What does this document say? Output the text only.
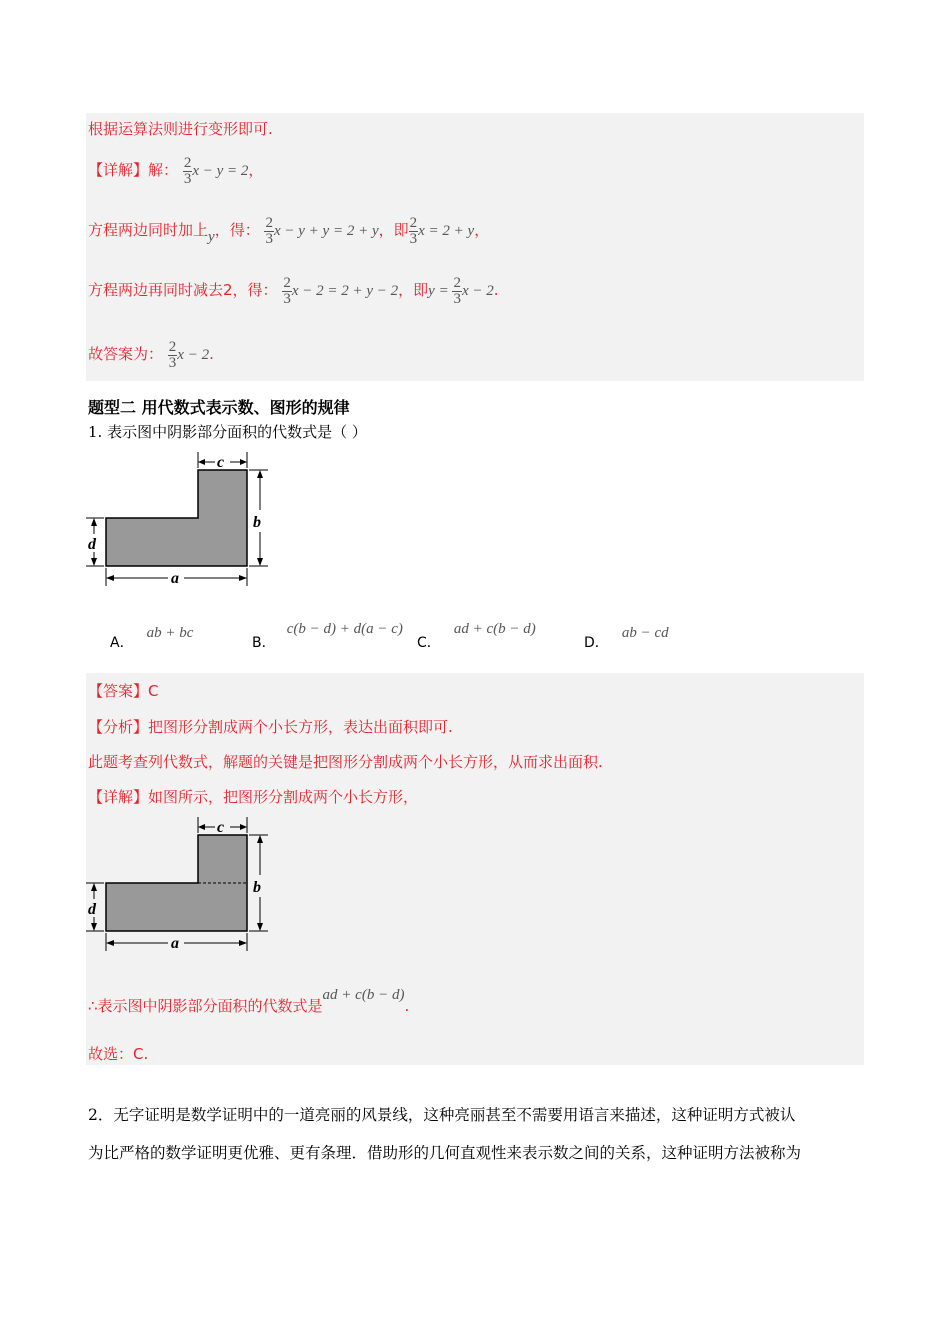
根据运算法则进行变形即可.
【详解】解： $\frac{2}{3}$ x − y = 2，
方程两边同时加上y，得： $\frac{2}{3}$ x − y + y = 2 + y，即 $\frac{2}{3}$ x = 2 + y，
方程两边再同时减去2，得： $\frac{2}{3}$ x − 2 = 2 + y − 2，即$y = \frac{2}{3}$ x − 2.
故答案为： $\frac{2}{3}$ x − 2.
题型二 用代数式表示数、图形的规律
1. 表示图中阴影部分面积的代数式是（ ）
c
b
d
a
A． ab + bc
B． c(b − d) + d(a − c)
C． ad + c(b − d)
D． ab − cd
【答案】C
【分析】把图形分割成两个小长方形，表达出面积即可.
此题考查列代数式，解题的关键是把图形分割成两个小长方形，从而求出面积.
【详解】如图所示，把图形分割成两个小长方形，
c
b
d
a
∴表示图中阴影部分面积的代数式是ad + c(b − d).
故选：C.
2．无字证明是数学证明中的一道亮丽的风景线，这种亮丽甚至不需要用语言来描述，这种证明方式被认
为比严格的数学证明更优雅、更有条理．借助形的几何直观性来表示数之间的关系，这种证明方法被称为
